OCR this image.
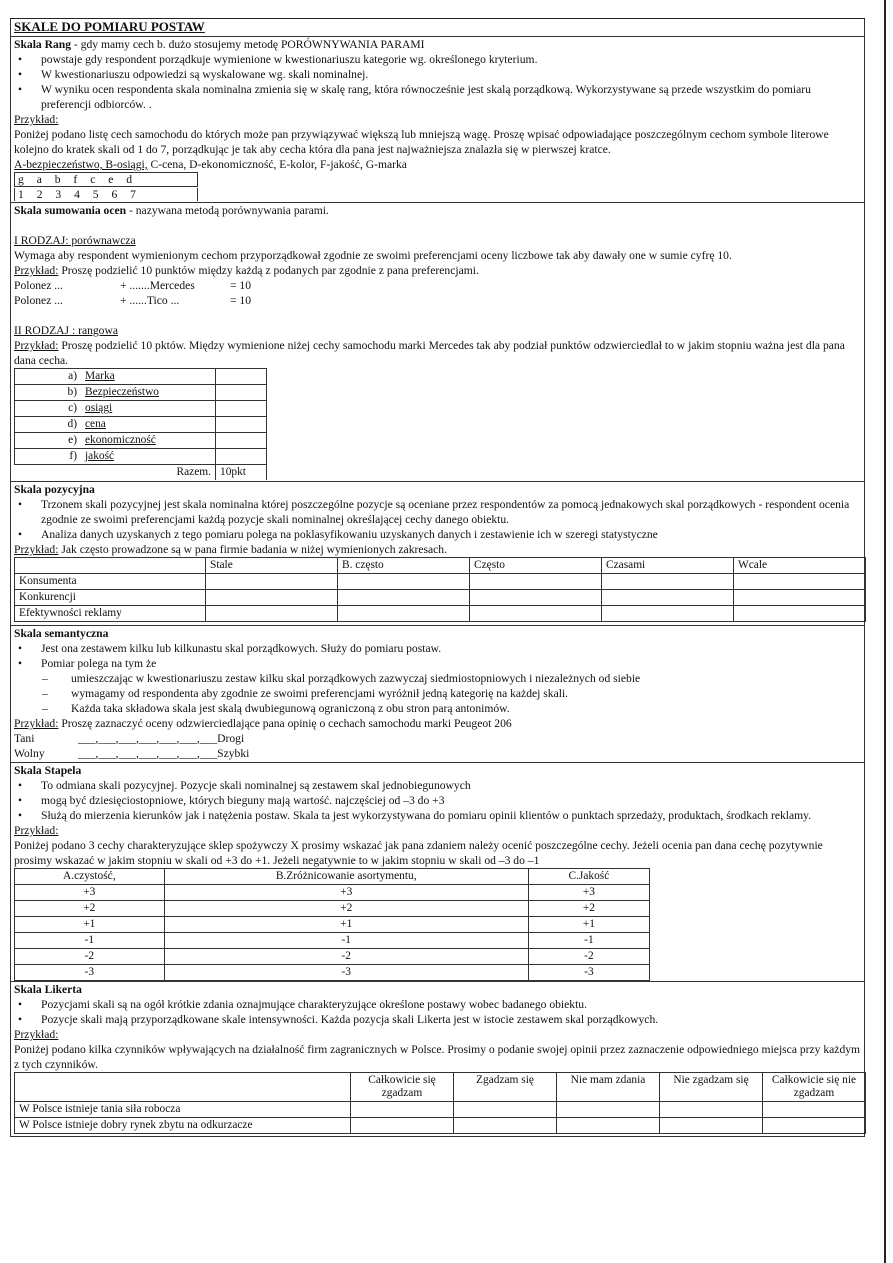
SKALE DO POMIARU POSTAW

Skala Rang - gdy mamy cech b. dużo stosujemy metodę PORÓWNYWANIA PARAMI

• powstaje gdy respondent porządkuje wymienione w kwestionariuszu kategorie wg. określonego kryterium.
• W kwestionariuszu odpowiedzi są wyskalowane wg. skali nominalnej.
• W wyniku ocen respondenta skala nominalna zmienia się w skalę rang, która równocześnie jest skalą porządkową. Wykorzystywane są przede wszystkim do pomiaru preferencji odbiorców. .

Przykład:

Poniżej podano listę cech samochodu do których może pan przywiązywać większą lub mniejszą wagę. Proszę wpisać odpowiadające poszczególnym cechom symbole literowe kolejno do kratek skali od 1 do 7, porządkując je tak aby cecha która dla pana jest najważniejsza znalazła się w pierwszej kratce.

A-bezpieczeństwo, B-osiągi, C-cena, D-ekonomiczność, E-kolor, F-jakość, G-marka

g a b f c e d
1 2 3 4 5 6 7

Skala sumowania ocen - nazywana metodą porównywania parami.

I RODZAJ: porównawcza

Wymaga aby respondent wymienionym cechom przyporządkował zgodnie ze swoimi preferencjami oceny liczbowe tak aby dawały one w sumie cyfrę 10.

Przykład: Proszę podzielić 10 punktów między każdą z podanych par zgodnie z pana preferencjami.

Polonez ...	+ .......Mercedes	= 10

Polonez ...	+ ......Tico ...	= 10

II RODZAJ : rangowa

Przykład: Proszę podzielić 10 pktów. Między wymienione niżej cechy samochodu marki Mercedes tak aby podział punktów odzwierciedlał to w jakim stopniu ważna jest dla pana dana cecha.

a) Marka	
b) Bezpieczeństwo	
c) osiągi	
d) cena	
e) ekonomiczność	
f) jakość	
Razem.	10pkt

Skala pozycyjna

• Trzonem skali pozycyjnej jest skala nominalna której poszczególne pozycje są oceniane przez respondentów za pomocą jednakowych skal porządkowych - respondent ocenia zgodnie ze swoimi preferencjami każdą pozycje skali nominalnej określającej cechy danego obiektu.
• Analiza danych uzyskanych z tego pomiaru polega na poklasyfikowaniu uzyskanych danych i zestawienie ich w szeregi statystyczne

Przykład: Jak często prowadzone są w pana firmie badania w niżej wymienionych zakresach.

	Stale	B. często	Często	Czasami	Wcale
Konsumenta					
Konkurencji					
Efektywności reklamy					

Skala semantyczna

• Jest ona zestawem kilku lub kilkunastu skal porządkowych. Służy do pomiaru postaw.
• Pomiar polega na tym że
– umieszczając w kwestionariuszu zestaw kilku skal porządkowych zazwyczaj siedmiostopniowych i niezależnych od siebie
– wymagamy od respondenta aby zgodnie ze swoimi preferencjami wyróżnił jedną kategorię na każdej skali.
– Każda taka składowa skala jest skalą dwubiegunową ograniczoną z obu stron parą antonimów.

Przykład: Proszę zaznaczyć oceny odzwierciedlające pana opinię o cechach samochodu marki Peugeot 206

Tani	___,___,___,___,___,___,___Drogi

Wolny	___,___,___,___,___,___,___Szybki

Skala Stapela

• To odmiana skali pozycyjnej. Pozycje skali nominalnej są zestawem skal jednobiegunowych
• mogą być dziesięciostopniowe, których bieguny mają wartość. najczęściej od –3 do +3
• Służą do mierzenia kierunków jak i natężenia postaw. Skala ta jest wykorzystywana do pomiaru opinii klientów o punktach sprzedaży, produktach, środkach reklamy.

Przykład:

Poniżej podano 3 cechy charakteryzujące sklep spożywczy X prosimy wskazać jak pana zdaniem należy ocenić poszczególne cechy. Jeżeli ocenia pan dana cechę pozytywnie prosimy wskazać w jakim stopniu w skali od +3 do +1. Jeżeli negatywnie to w jakim stopniu w skali od –3 do –1

A.czystość,	B.Zróżnicowanie asortymentu,	C.Jakość
+3	+3	+3
+2	+2	+2
+1	+1	+1
-1	-1	-1
-2	-2	-2
-3	-3	-3

Skala Likerta

• Pozycjami skali są na ogół krótkie zdania oznajmujące charakteryzujące określone postawy wobec badanego obiektu.
• Pozycje skali mają przyporządkowane skale intensywności. Każda pozycja skali Likerta jest w istocie zestawem skal porządkowych.

Przykład:

Poniżej podano kilka czynników wpływających na działalność firm zagranicznych w Polsce. Prosimy o podanie swojej opinii przez zaznaczenie odpowiedniego miejsca przy każdym z tych czynników.

	Całkowicie się zgadzam	Zgadzam się	Nie mam zdania	Nie zgadzam się	Całkowicie się nie zgadzam
W Polsce istnieje tania siła robocza					
W Polsce istnieje dobry rynek zbytu na odkurzacze					
